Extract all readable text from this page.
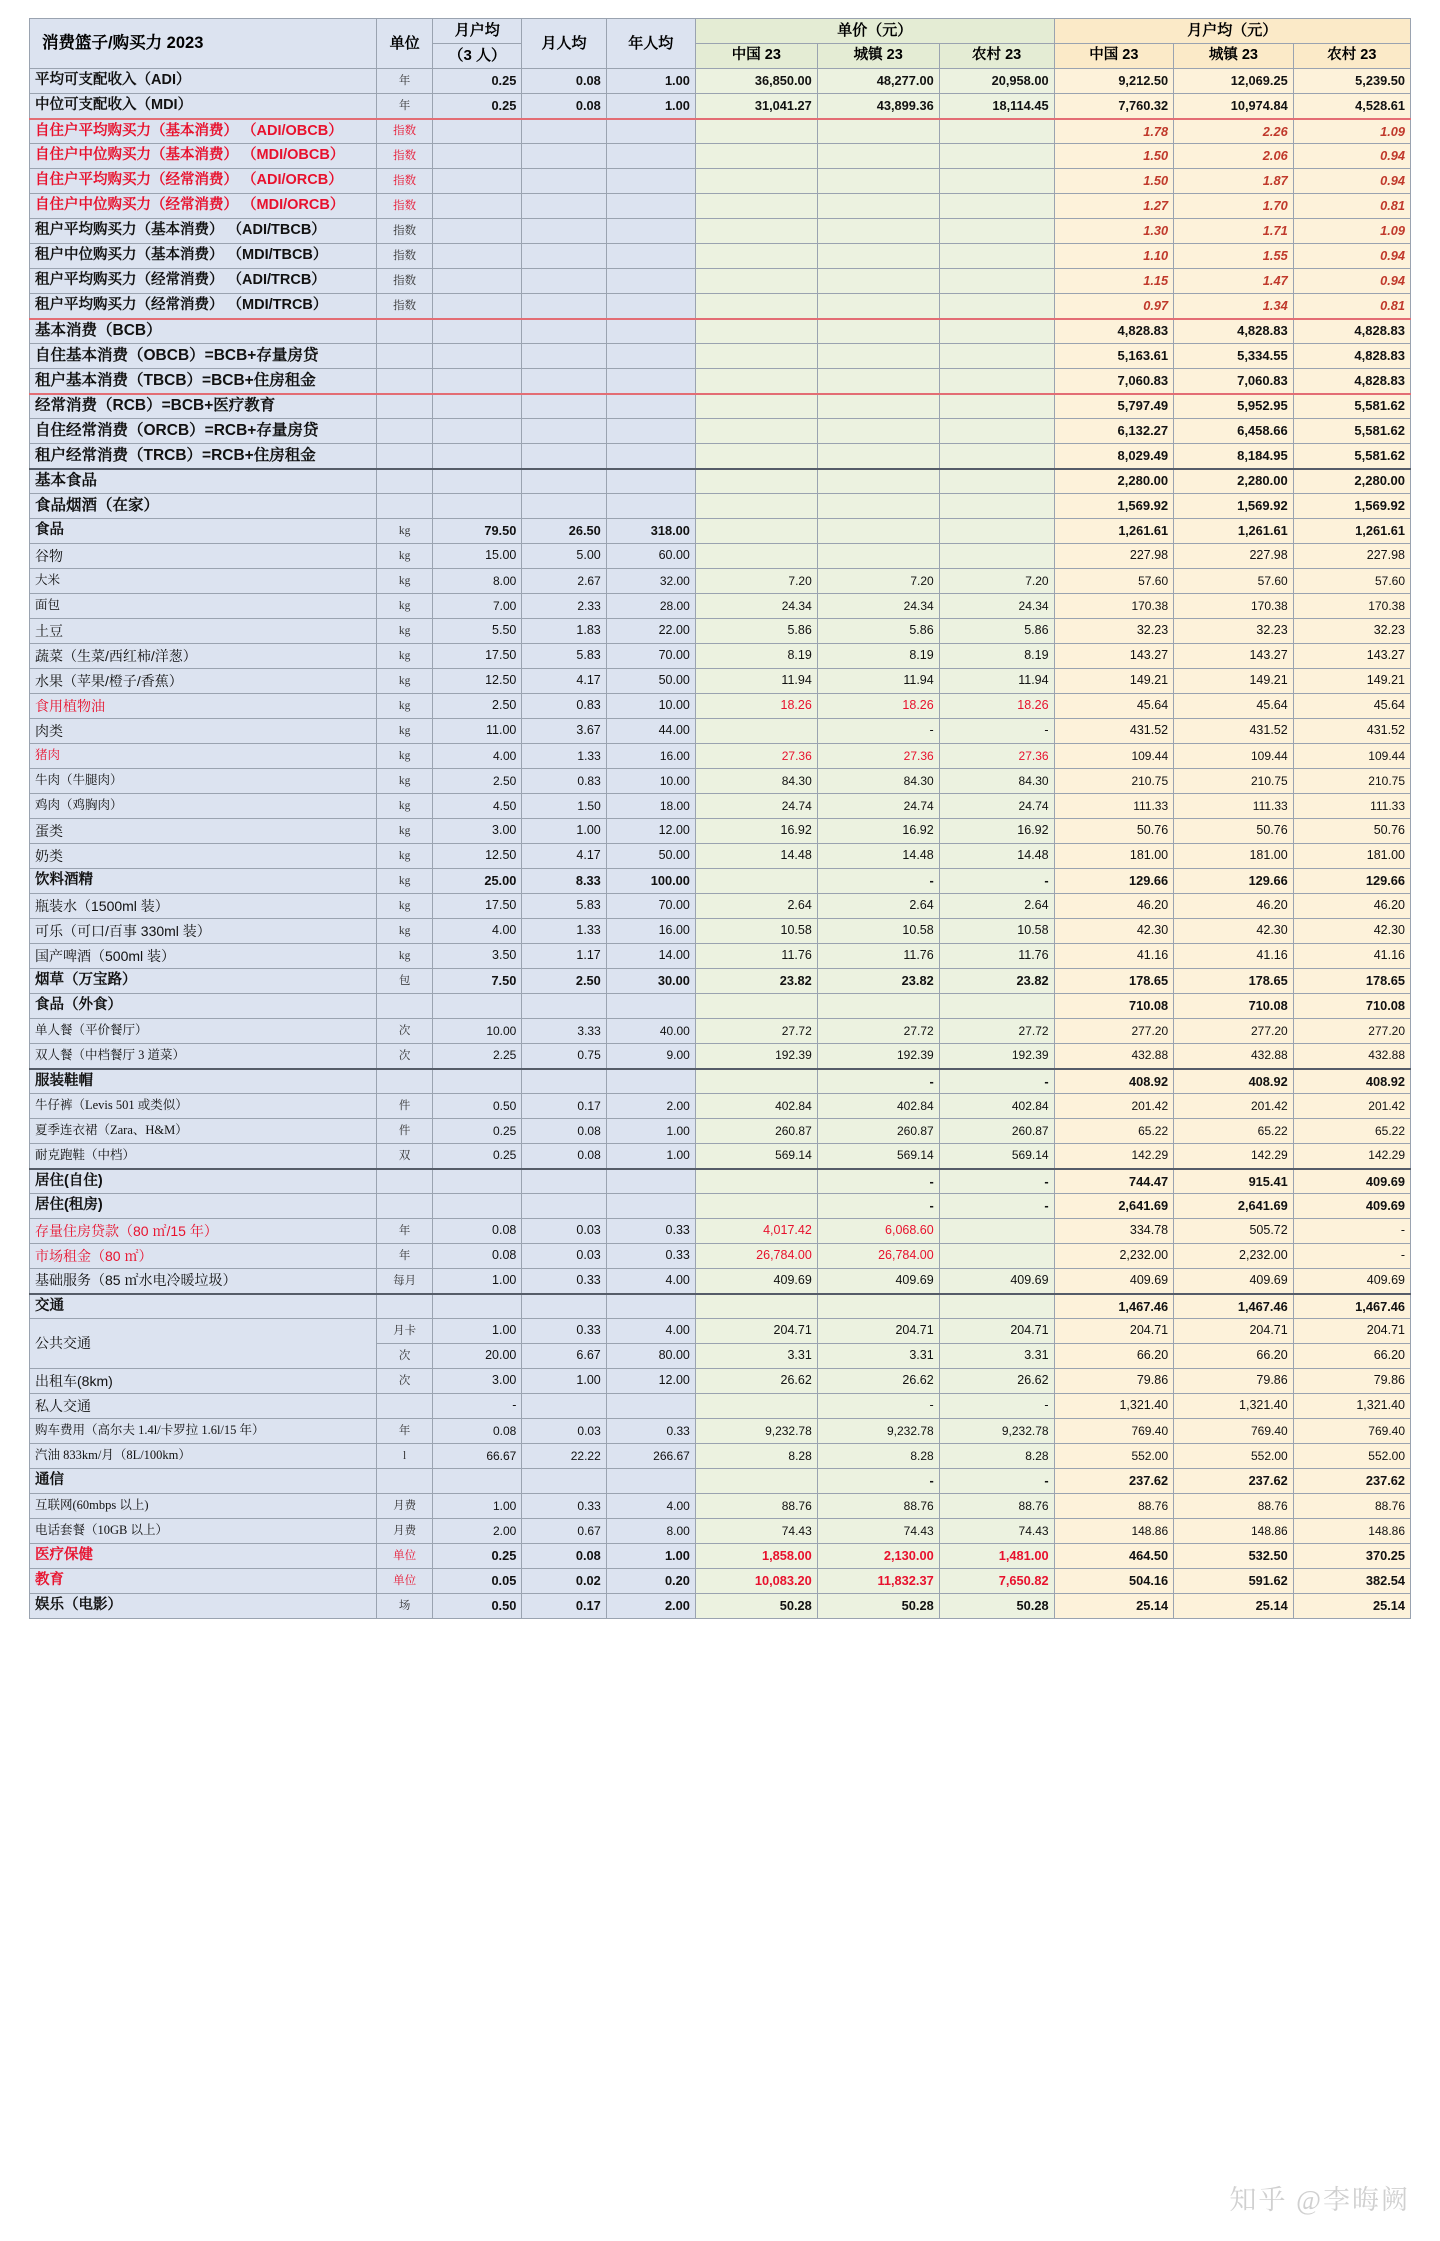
消费篮子/购买力 2023	单位	月户均	月人均	年人均	单价（元）			月户均（元）		
		（3 人）			中国 23	城镇 23	农村 23	中国 23	城镇 23	农村 23
平均可支配收入（ADI）	年	0.25	0.08	1.00	36,850.00	48,277.00	20,958.00	9,212.50	12,069.25	5,239.50
中位可支配收入（MDI）	年	0.25	0.08	1.00	31,041.27	43,899.36	18,114.45	7,760.32	10,974.84	4,528.61
自住户平均购买力（基本消费） （ADI/OBCB）	指数							1.78	2.26	1.09
自住户中位购买力（基本消费） （MDI/OBCB）	指数							1.50	2.06	0.94
自住户平均购买力（经常消费） （ADI/ORCB）	指数							1.50	1.87	0.94
自住户中位购买力（经常消费） （MDI/ORCB）	指数							1.27	1.70	0.81
租户平均购买力（基本消费） （ADI/TBCB）	指数							1.30	1.71	1.09
租户中位购买力（基本消费） （MDI/TBCB）	指数							1.10	1.55	0.94
租户平均购买力（经常消费） （ADI/TRCB）	指数							1.15	1.47	0.94
租户平均购买力（经常消费） （MDI/TRCB）	指数							0.97	1.34	0.81
基本消费（BCB）								4,828.83	4,828.83	4,828.83
自住基本消费（OBCB）=BCB+存量房贷								5,163.61	5,334.55	4,828.83
租户基本消费（TBCB）=BCB+住房租金								7,060.83	7,060.83	4,828.83
经常消费（RCB）=BCB+医疗教育								5,797.49	5,952.95	5,581.62
自住经常消费（ORCB）=RCB+存量房贷								6,132.27	6,458.66	5,581.62
租户经常消费（TRCB）=RCB+住房租金								8,029.49	8,184.95	5,581.62
基本食品								2,280.00	2,280.00	2,280.00
食品烟酒（在家）								1,569.92	1,569.92	1,569.92
食品	kg	79.50	26.50	318.00				1,261.61	1,261.61	1,261.61
谷物	kg	15.00	5.00	60.00				227.98	227.98	227.98
大米	kg	8.00	2.67	32.00	7.20	7.20	7.20	57.60	57.60	57.60
面包	kg	7.00	2.33	28.00	24.34	24.34	24.34	170.38	170.38	170.38
土豆	kg	5.50	1.83	22.00	5.86	5.86	5.86	32.23	32.23	32.23
蔬菜（生菜/西红柿/洋葱）	kg	17.50	5.83	70.00	8.19	8.19	8.19	143.27	143.27	143.27
水果（苹果/橙子/香蕉）	kg	12.50	4.17	50.00	11.94	11.94	11.94	149.21	149.21	149.21
食用植物油	kg	2.50	0.83	10.00	18.26	18.26	18.26	45.64	45.64	45.64
肉类	kg	11.00	3.67	44.00		-	-	431.52	431.52	431.52
猪肉	kg	4.00	1.33	16.00	27.36	27.36	27.36	109.44	109.44	109.44
牛肉（牛腿肉）	kg	2.50	0.83	10.00	84.30	84.30	84.30	210.75	210.75	210.75
鸡肉（鸡胸肉）	kg	4.50	1.50	18.00	24.74	24.74	24.74	111.33	111.33	111.33
蛋类	kg	3.00	1.00	12.00	16.92	16.92	16.92	50.76	50.76	50.76
奶类	kg	12.50	4.17	50.00	14.48	14.48	14.48	181.00	181.00	181.00
饮料酒精	kg	25.00	8.33	100.00		-	-	129.66	129.66	129.66
瓶装水（1500ml 装）	kg	17.50	5.83	70.00	2.64	2.64	2.64	46.20	46.20	46.20
可乐（可口/百事 330ml 装）	kg	4.00	1.33	16.00	10.58	10.58	10.58	42.30	42.30	42.30
国产啤酒（500ml 装）	kg	3.50	1.17	14.00	11.76	11.76	11.76	41.16	41.16	41.16
烟草（万宝路）	包	7.50	2.50	30.00	23.82	23.82	23.82	178.65	178.65	178.65
食品（外食）								710.08	710.08	710.08
单人餐（平价餐厅）	次	10.00	3.33	40.00	27.72	27.72	27.72	277.20	277.20	277.20
双人餐（中档餐厅 3 道菜）	次	2.25	0.75	9.00	192.39	192.39	192.39	432.88	432.88	432.88
服装鞋帽						-	-	408.92	408.92	408.92
牛仔裤（Levis 501 或类似）	件	0.50	0.17	2.00	402.84	402.84	402.84	201.42	201.42	201.42
夏季连衣裙（Zara、H&M）	件	0.25	0.08	1.00	260.87	260.87	260.87	65.22	65.22	65.22
耐克跑鞋（中档）	双	0.25	0.08	1.00	569.14	569.14	569.14	142.29	142.29	142.29
居住(自住)						-	-	744.47	915.41	409.69
居住(租房)						-	-	2,641.69	2,641.69	409.69
存量住房贷款（80 ㎡/15 年）	年	0.08	0.03	0.33	4,017.42	6,068.60		334.78	505.72	-
市场租金（80 ㎡）	年	0.08	0.03	0.33	26,784.00	26,784.00		2,232.00	2,232.00	-
基础服务（85 ㎡水电冷暖垃圾）	每月	1.00	0.33	4.00	409.69	409.69	409.69	409.69	409.69	409.69
交通								1,467.46	1,467.46	1,467.46
公共交通	月卡	1.00	0.33	4.00	204.71	204.71	204.71	204.71	204.71	204.71
	次	20.00	6.67	80.00	3.31	3.31	3.31	66.20	66.20	66.20
出租车(8km)	次	3.00	1.00	12.00	26.62	26.62	26.62	79.86	79.86	79.86
私人交通		-				-	-	1,321.40	1,321.40	1,321.40
购车费用（高尔夫 1.4l/卡罗拉 1.6l/15 年）	年	0.08	0.03	0.33	9,232.78	9,232.78	9,232.78	769.40	769.40	769.40
汽油 833km/月（8L/100km）	l	66.67	22.22	266.67	8.28	8.28	8.28	552.00	552.00	552.00
通信						-	-	237.62	237.62	237.62
互联网(60mbps 以上)	月费	1.00	0.33	4.00	88.76	88.76	88.76	88.76	88.76	88.76
电话套餐（10GB 以上）	月费	2.00	0.67	8.00	74.43	74.43	74.43	148.86	148.86	148.86
医疗保健	单位	0.25	0.08	1.00	1,858.00	2,130.00	1,481.00	464.50	532.50	370.25
教育	单位	0.05	0.02	0.20	10,083.20	11,832.37	7,650.82	504.16	591.62	382.54
娱乐（电影）	场	0.50	0.17	2.00	50.28	50.28	50.28	25.14	25.14	25.14
知乎 @李晦阙
